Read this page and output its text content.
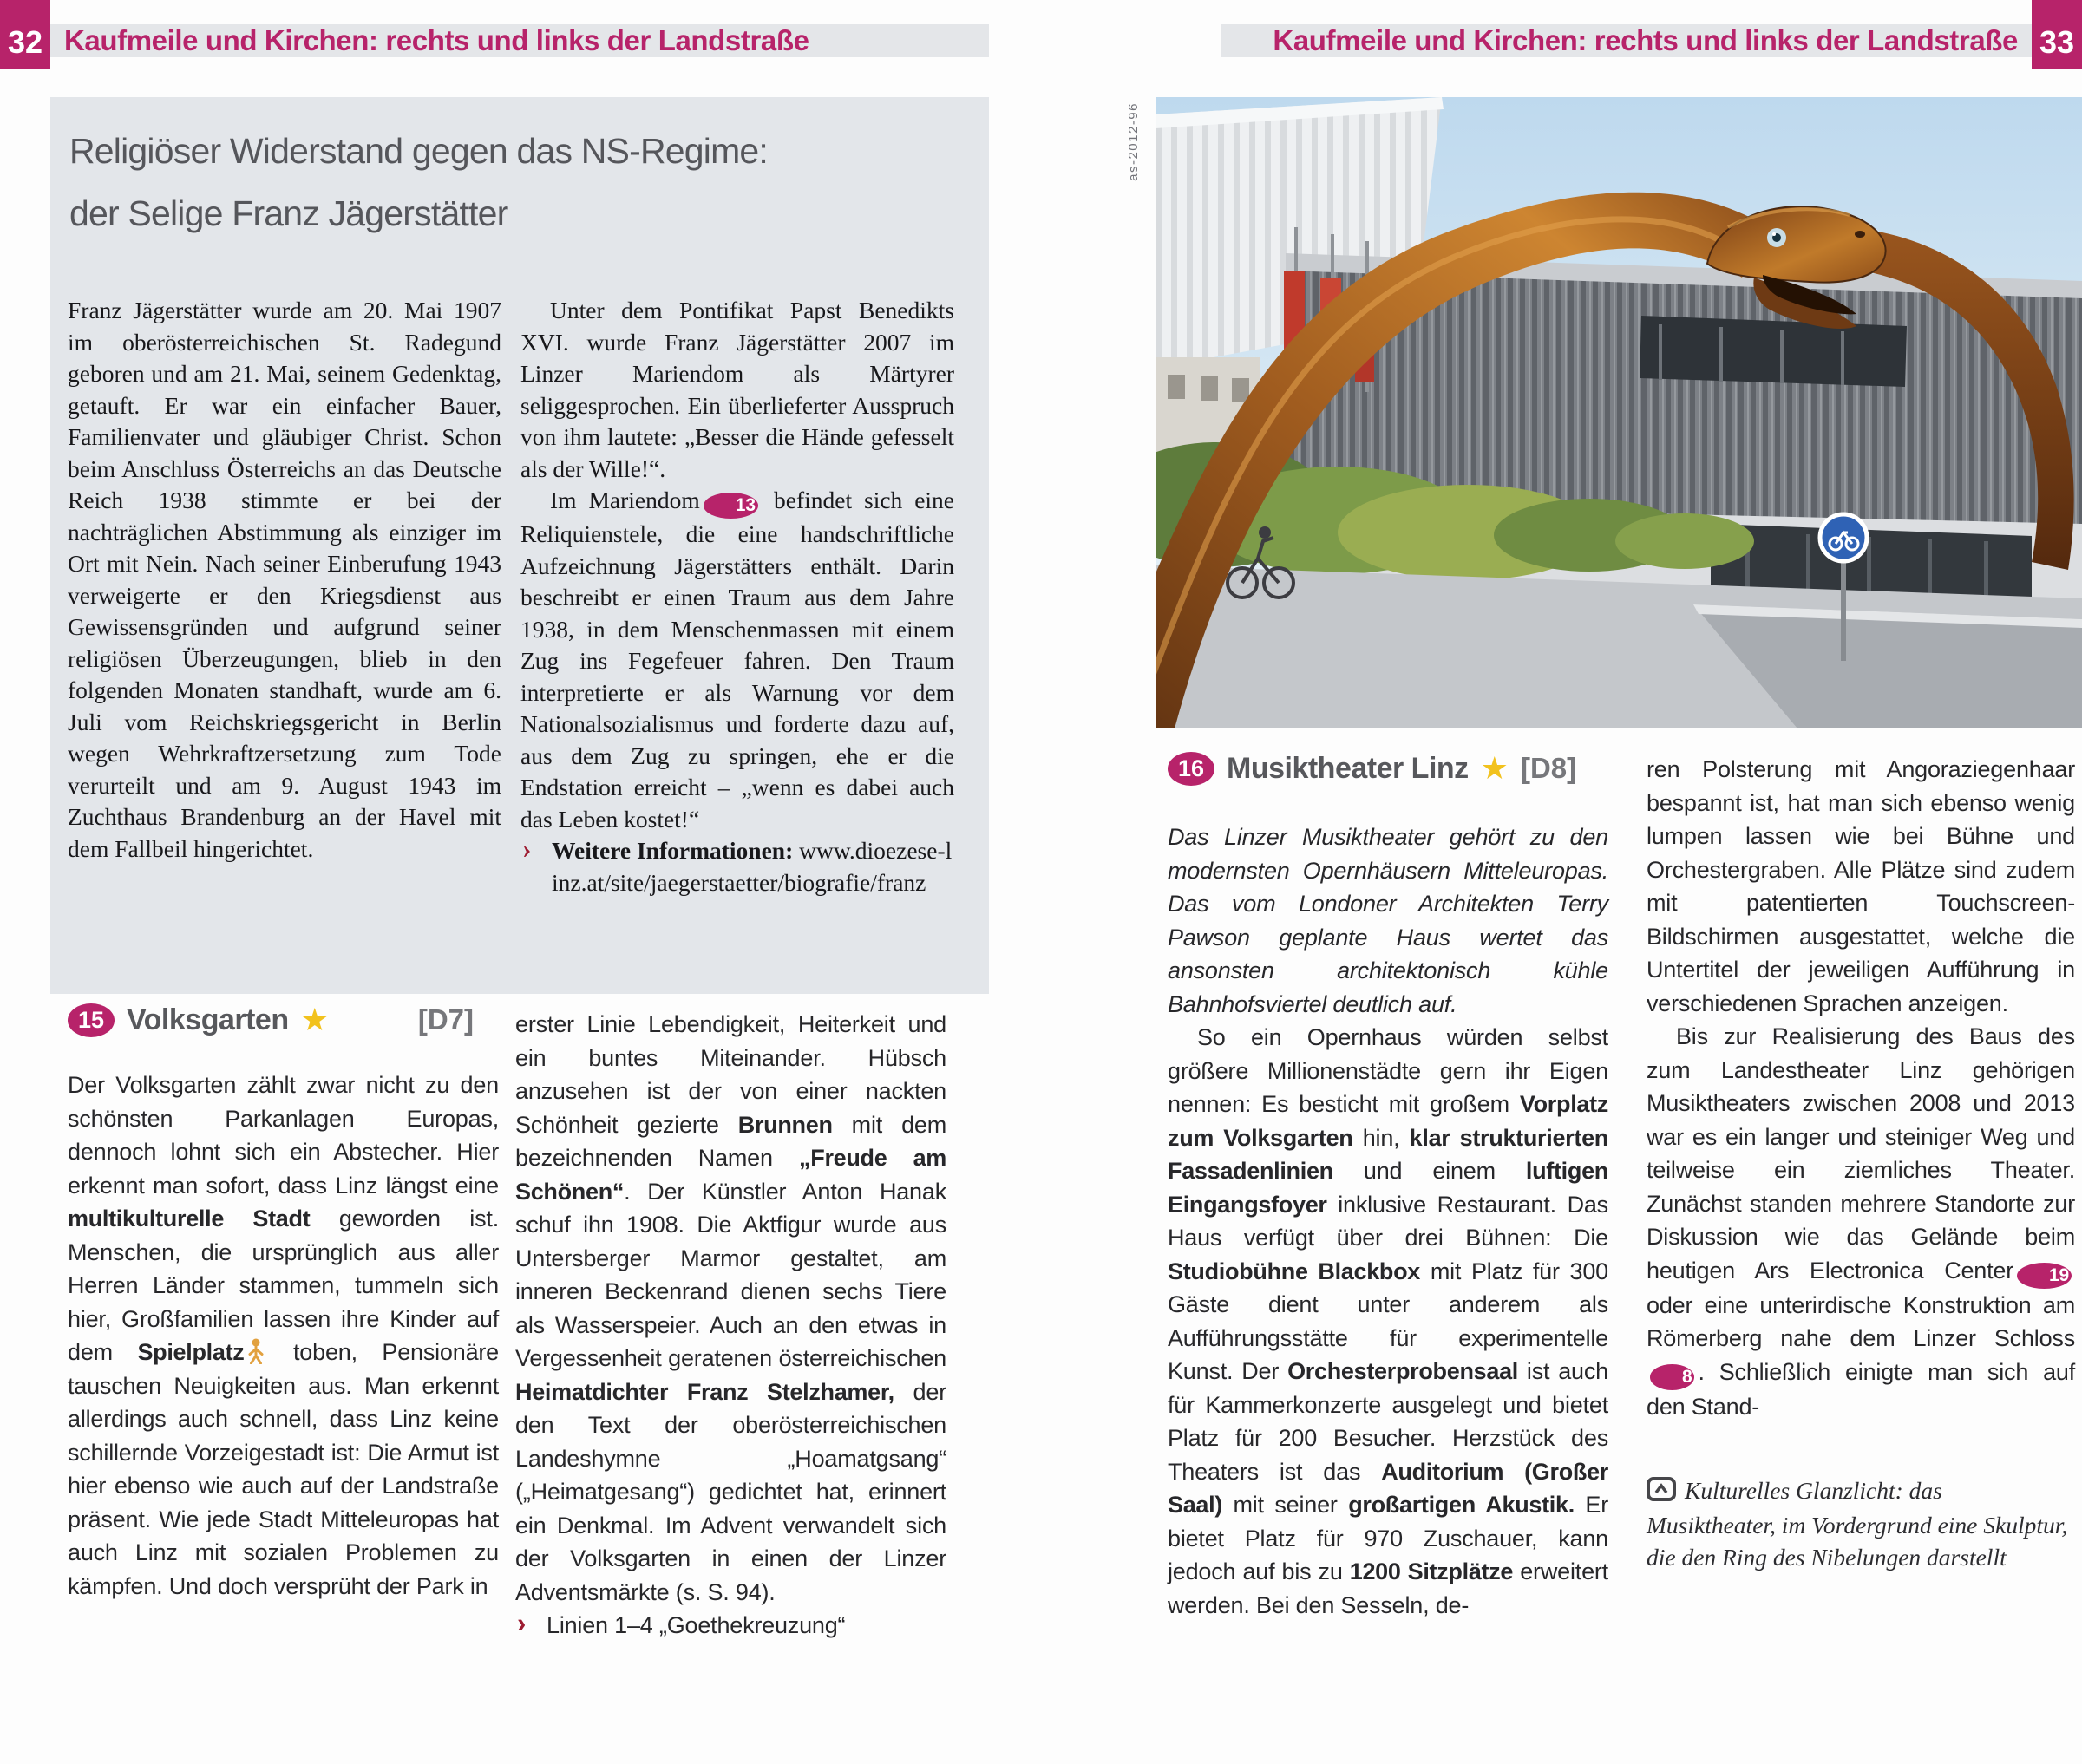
32 Kaufmeile und Kirchen: rechts und links der Landstraße	Kaufmeile und Kirchen: rechts und links der Landstraße 33
Religiöser Widerstand gegen das NS-Regime:
der Selige Franz Jägerstätter

Franz Jägerstätter wurde am 20. Mai 1907 im oberösterreichischen St. Radegund geboren und am 21. Mai, seinem Gedenktag, getauft. Er war ein einfacher Bauer, Familienvater und gläubiger Christ. Schon beim Anschluss Österreichs an das Deutsche Reich 1938 stimmte er bei der nachträglichen Abstimmung als einziger im Ort mit Nein. Nach seiner Einberufung 1943 verweigerte er den Kriegsdienst aus Gewissensgründen und aufgrund seiner religiösen Überzeugungen, blieb in den folgenden Monaten standhaft, wurde am 6. Juli vom Reichskriegsgericht in Berlin wegen Wehrkraftzersetzung zum Tode verurteilt und am 9. August 1943 im Zuchthaus Brandenburg an der Havel mit dem Fallbeil hingerichtet.

Unter dem Pontifikat Papst Benedikts XVI. wurde Franz Jägerstätter 2007 im Linzer Mariendom als Märtyrer seliggesprochen. Ein überlieferter Ausspruch von ihm lautete: „Besser die Hände gefesselt als der Wille!“.

Im Mariendom 13 befindet sich eine Reliquienstele, die eine handschriftliche Aufzeichnung Jägerstätters enthält. Darin beschreibt er einen Traum aus dem Jahre 1938, in dem Menschenmassen mit einem Zug ins Fegefeuer fahren. Den Traum interpretierte er als Warnung vor dem Nationalsozialismus und forderte dazu auf, aus dem Zug zu springen, ehe er die Endstation erreicht – „wenn es dabei auch das Leben kostet!“

› Weitere Informationen: www.dioezese-linz.at/site/jaegerstaetter/biografie/franz

15 Volksgarten ★	[D7]

Der Volksgarten zählt zwar nicht zu den schönsten Parkanlagen Europas, dennoch lohnt sich ein Abstecher. Hier erkennt man sofort, dass Linz längst eine multikulturelle Stadt geworden ist. Menschen, die ursprünglich aus aller Herren Länder stammen, tummeln sich hier, Großfamilien lassen ihre Kinder auf dem Spielplatz toben, Pensionäre tauschen Neuigkeiten aus. Man erkennt allerdings auch schnell, dass Linz keine schillernde Vorzeigestadt ist: Die Armut ist hier ebenso wie auch auf der Landstraße präsent. Wie jede Stadt Mitteleuropas hat auch Linz mit sozialen Problemen zu kämpfen. Und doch versprüht der Park in

erster Linie Lebendigkeit, Heiterkeit und ein buntes Miteinander. Hübsch anzusehen ist der von einer nackten Schönheit gezierte Brunnen mit dem bezeichnenden Namen „Freude am Schönen“. Der Künstler Anton Hanak schuf ihn 1908. Die Aktfigur wurde aus Untersberger Marmor gestaltet, am inneren Beckenrand dienen sechs Tiere als Wasserspeier. Auch an den etwas in Vergessenheit geratenen österreichischen Heimatdichter Franz Stelzhamer, der den Text der oberösterreichischen Landeshymne „Hoamatgsang“ („Heimatgesang“) gedichtet hat, erinnert ein Denkmal. Im Advent verwandelt sich der Volksgarten in einen der Linzer Adventsmärkte (s. S. 94).

› Linien 1–4 „Goethekreuzung“

as-2012-96
16 Musiktheater Linz ★ [D8]

Das Linzer Musiktheater gehört zu den modernsten Opernhäusern Mitteleuropas. Das vom Londoner Architekten Terry Pawson geplante Haus wertet das ansonsten architektonisch kühle Bahnhofsviertel deutlich auf.

So ein Opernhaus würden selbst größere Millionenstädte gern ihr Eigen nennen: Es besticht mit großem Vorplatz zum Volksgarten hin, klar strukturierten Fassadenlinien und einem luftigen Eingangsfoyer inklusive Restaurant. Das Haus verfügt über drei Bühnen: Die Studiobühne Blackbox mit Platz für 300 Gäste dient unter anderem als Aufführungsstätte für experimentelle Kunst. Der Orchesterprobensaal ist auch für Kammerkonzerte ausgelegt und bietet Platz für 200 Besucher. Herzstück des Theaters ist das Auditorium (Großer Saal) mit seiner großartigen Akustik. Er bietet Platz für 970 Zuschauer, kann jedoch auf bis zu 1200 Sitzplätze erweitert werden. Bei den Sesseln, de-

ren Polsterung mit Angoraziegenhaar bespannt ist, hat man sich ebenso wenig lumpen lassen wie bei Bühne und Orchestergraben. Alle Plätze sind zudem mit patentierten Touchscreen-Bildschirmen ausgestattet, welche die Untertitel der jeweiligen Aufführung in verschiedenen Sprachen anzeigen.

Bis zur Realisierung des Baus des zum Landestheater Linz gehörigen Musiktheaters zwischen 2008 und 2013 war es ein langer und steiniger Weg und teilweise ein ziemliches Theater. Zunächst standen mehrere Standorte zur Diskussion wie das Gelände beim heutigen Ars Electronica Center 19 oder eine unterirdische Konstruktion am Römerberg nahe dem Linzer Schloss8 . Schließlich einigte man sich auf den Stand-

Kulturelles Glanzlicht: das Musiktheater, im Vordergrund eine Skulptur, die den Ring des Nibelungen darstellt
